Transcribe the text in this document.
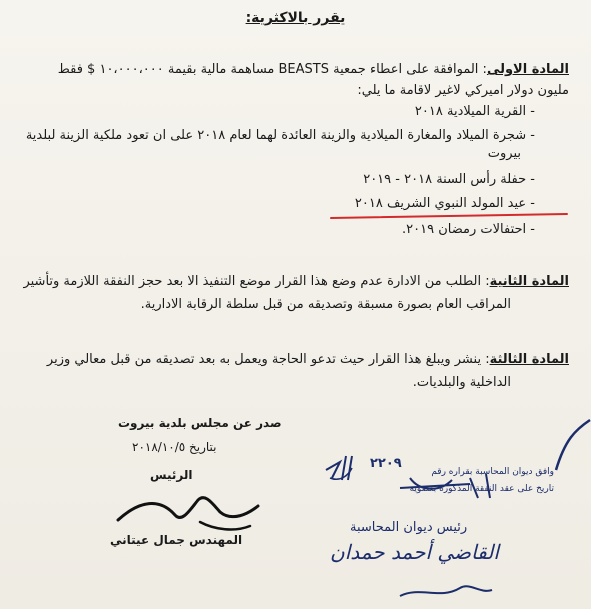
يقرر بالاكثرية:
المادة الاولى: الموافقة على اعطاء جمعية BEASTS مساهمة مالية بقيمة ١٠،٠٠٠،٠٠٠ $ فقط
مليون دولار اميركي لاغير لاقامة ما يلي:
- القرية الميلادية ٢٠١٨
- شجرة الميلاد والمغارة الميلادية والزينة العائدة لهما لعام ٢٠١٨ على ان تعود ملكية الزينة لبلدية
بيروت
- حفلة رأس السنة ٢٠١٨ - ٢٠١٩
- عيد المولد النبوي الشريف ٢٠١٨
- احتفالات رمضان ٢٠١٩.
المادة الثانية: الطلب من الادارة عدم وضع هذا القرار موضع التنفيذ الا بعد حجز النفقة اللازمة وتأشير
المراقب العام بصورة مسبقة وتصديقه من قبل سلطة الرقابة الادارية.
المادة الثالثة: ينشر ويبلغ هذا القرار حيث تدعو الحاجة ويعمل به بعد تصديقه من قبل معالي وزير
الداخلية والبلديات.
صدر عن مجلس بلدية بيروت
بتاريخ ٢٠١٨/١٠/٥
الرئيس
المهندس جمال عيتاني
وافق ديوان المحاسبة بقراره رقم
تاريخ على عقد النفقة المذكورة بعضوية
٢٢٠٩
رئيس ديوان المحاسبة
القاضي أحمد حمدان
